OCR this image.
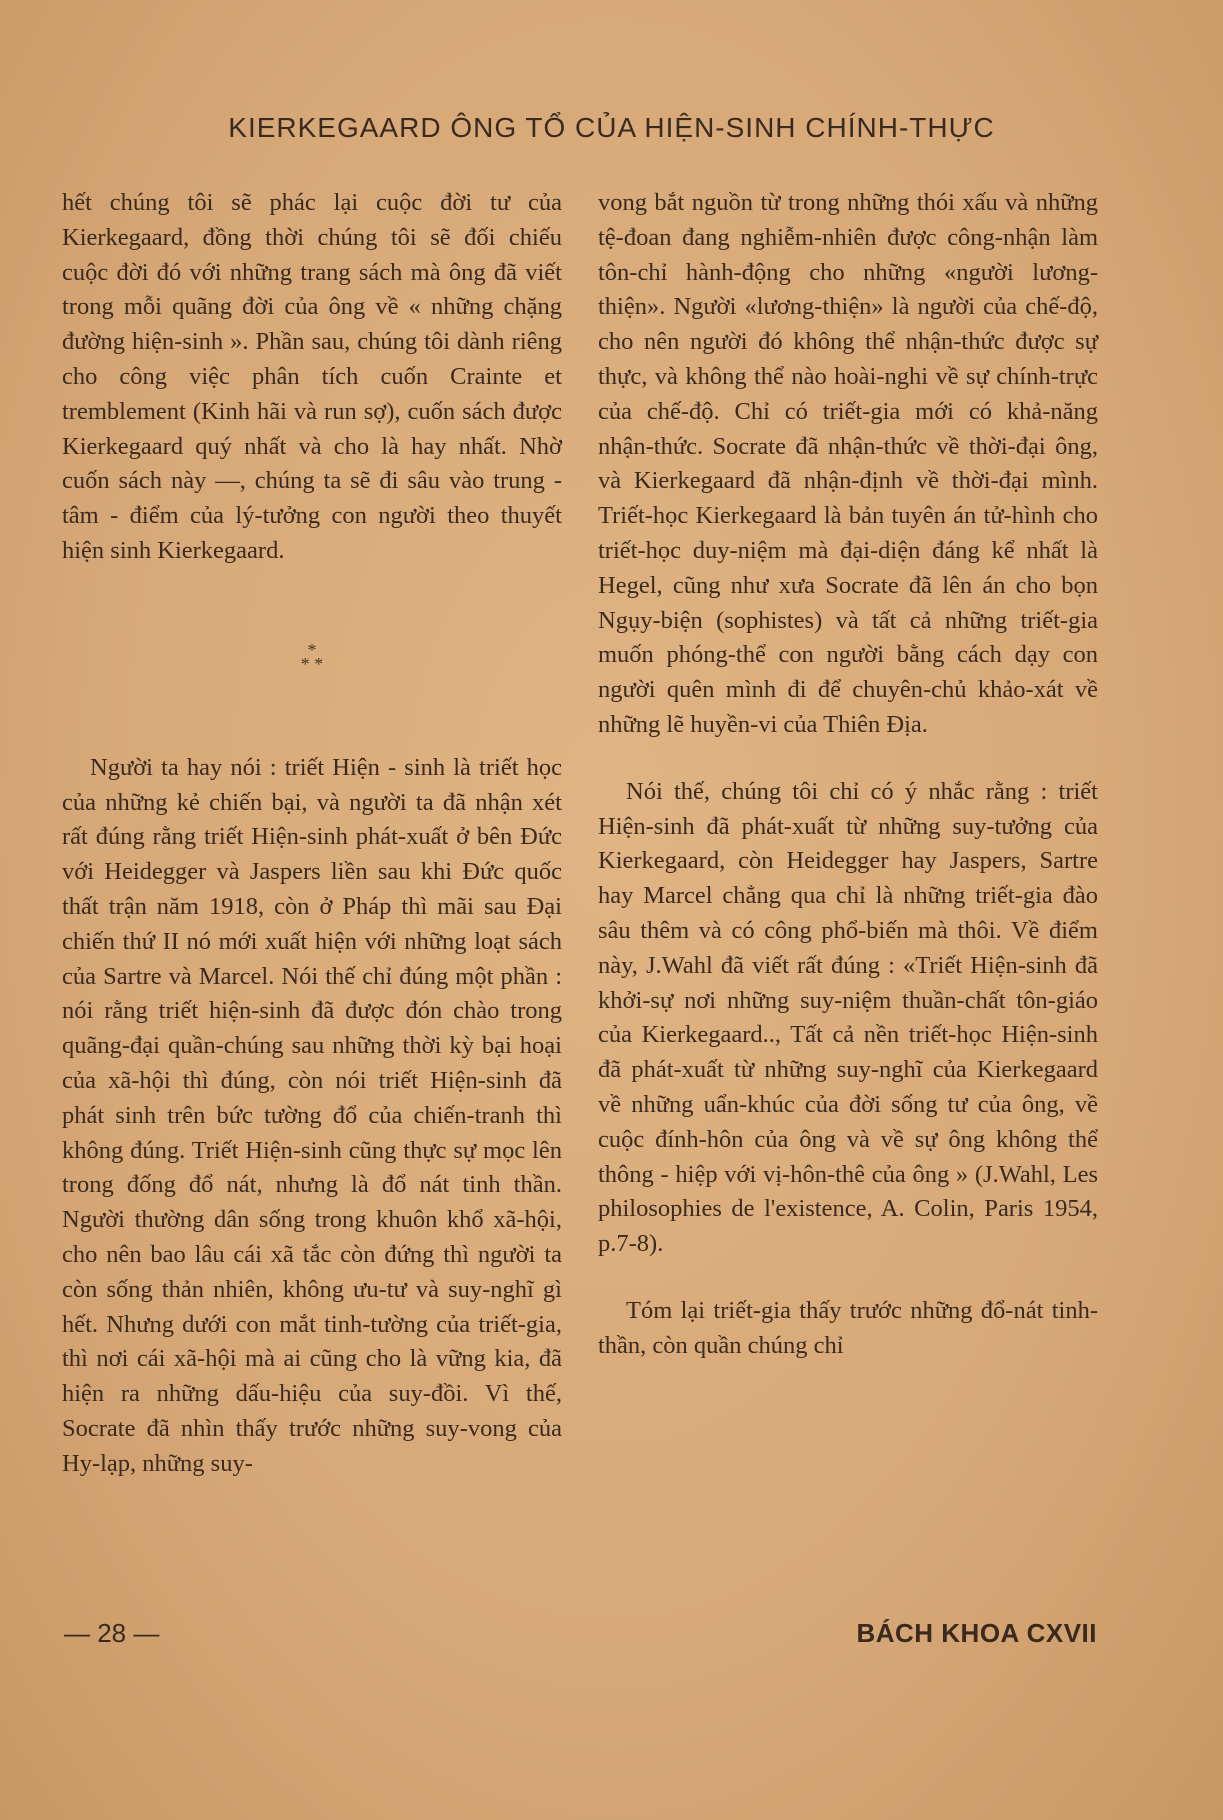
KIERKEGAARD ÔNG TỔ CỦA HIỆN-SINH CHÍNH-THỰC

hết chúng tôi sẽ phác lại cuộc đời tư của Kierkegaard, đồng thời chúng tôi sẽ đối chiếu cuộc đời đó với những trang sách mà ông đã viết trong mỗi quãng đời của ông về « những chặng đường hiện-sinh ». Phần sau, chúng tôi dành riêng cho công việc phân tích cuốn Crainte et tremblement (Kinh hãi và run sợ), cuốn sách được Kierkegaard quý nhất và cho là hay nhất. Nhờ cuốn sách này —, chúng ta sẽ đi sâu vào trung - tâm - điểm của lý-tưởng con người theo thuyết hiện sinh Kierkegaard.

*
* *

Người ta hay nói : triết Hiện - sinh là triết học của những kẻ chiến bại, và người ta đã nhận xét rất đúng rằng triết Hiện-sinh phát-xuất ở bên Đức với Heidegger và Jaspers liền sau khi Đức quốc thất trận năm 1918, còn ở Pháp thì mãi sau Đại chiến thứ II nó mới xuất hiện với những loạt sách của Sartre và Marcel. Nói thế chỉ đúng một phần : nói rằng triết hiện-sinh đã được đón chào trong quãng-đại quần-chúng sau những thời kỳ bại hoại của xã-hội thì đúng, còn nói triết Hiện-sinh đã phát sinh trên bức tường đổ của chiến-tranh thì không đúng. Triết Hiện-sinh cũng thực sự mọc lên trong đống đổ nát, nhưng là đổ nát tinh thần. Người thường dân sống trong khuôn khổ xã-hội, cho nên bao lâu cái xã tắc còn đứng thì người ta còn sống thản nhiên, không ưu-tư và suy-nghĩ gì hết. Nhưng dưới con mắt tinh-tường của triết-gia, thì nơi cái xã-hội mà ai cũng cho là vững kia, đã hiện ra những dấu-hiệu của suy-đồi. Vì thế, Socrate đã nhìn thấy trước những suy-vong của Hy-lạp, những suy-

vong bắt nguồn từ trong những thói xấu và những tệ-đoan đang nghiễm-nhiên được công-nhận làm tôn-chỉ hành-động cho những «người lương-thiện». Người «lương-thiện» là người của chế-độ, cho nên người đó không thể nhận-thức được sự thực, và không thể nào hoài-nghi về sự chính-trực của chế-độ. Chỉ có triết-gia mới có khả-năng nhận-thức. Socrate đã nhận-thức về thời-đại ông, và Kierkegaard đã nhận-định về thời-đại mình. Triết-học Kierkegaard là bản tuyên án tử-hình cho triết-học duy-niệm mà đại-diện đáng kể nhất là Hegel, cũng như xưa Socrate đã lên án cho bọn Ngụy-biện (sophistes) và tất cả những triết-gia muốn phóng-thể con người bằng cách dạy con người quên mình đi để chuyên-chủ khảo-xát về những lẽ huyền-vi của Thiên Địa.

Nói thế, chúng tôi chỉ có ý nhắc rằng : triết Hiện-sinh đã phát-xuất từ những suy-tưởng của Kierkegaard, còn Heidegger hay Jaspers, Sartre hay Marcel chẳng qua chỉ là những triết-gia đào sâu thêm và có công phổ-biến mà thôi. Về điểm này, J.Wahl đã viết rất đúng : «Triết Hiện-sinh đã khởi-sự nơi những suy-niệm thuần-chất tôn-giáo của Kierkegaard.., Tất cả nền triết-học Hiện-sinh đã phát-xuất từ những suy-nghĩ của Kierkegaard về những uẩn-khúc của đời sống tư của ông, về cuộc đính-hôn của ông và về sự ông không thể thông - hiệp với vị-hôn-thê của ông » (J.Wahl, Les philosophies de l'existence, A. Colin, Paris 1954, p.7-8).

Tóm lại triết-gia thấy trước những đổ-nát tinh-thần, còn quần chúng chỉ

— 28 —	BÁCH KHOA CXVII
